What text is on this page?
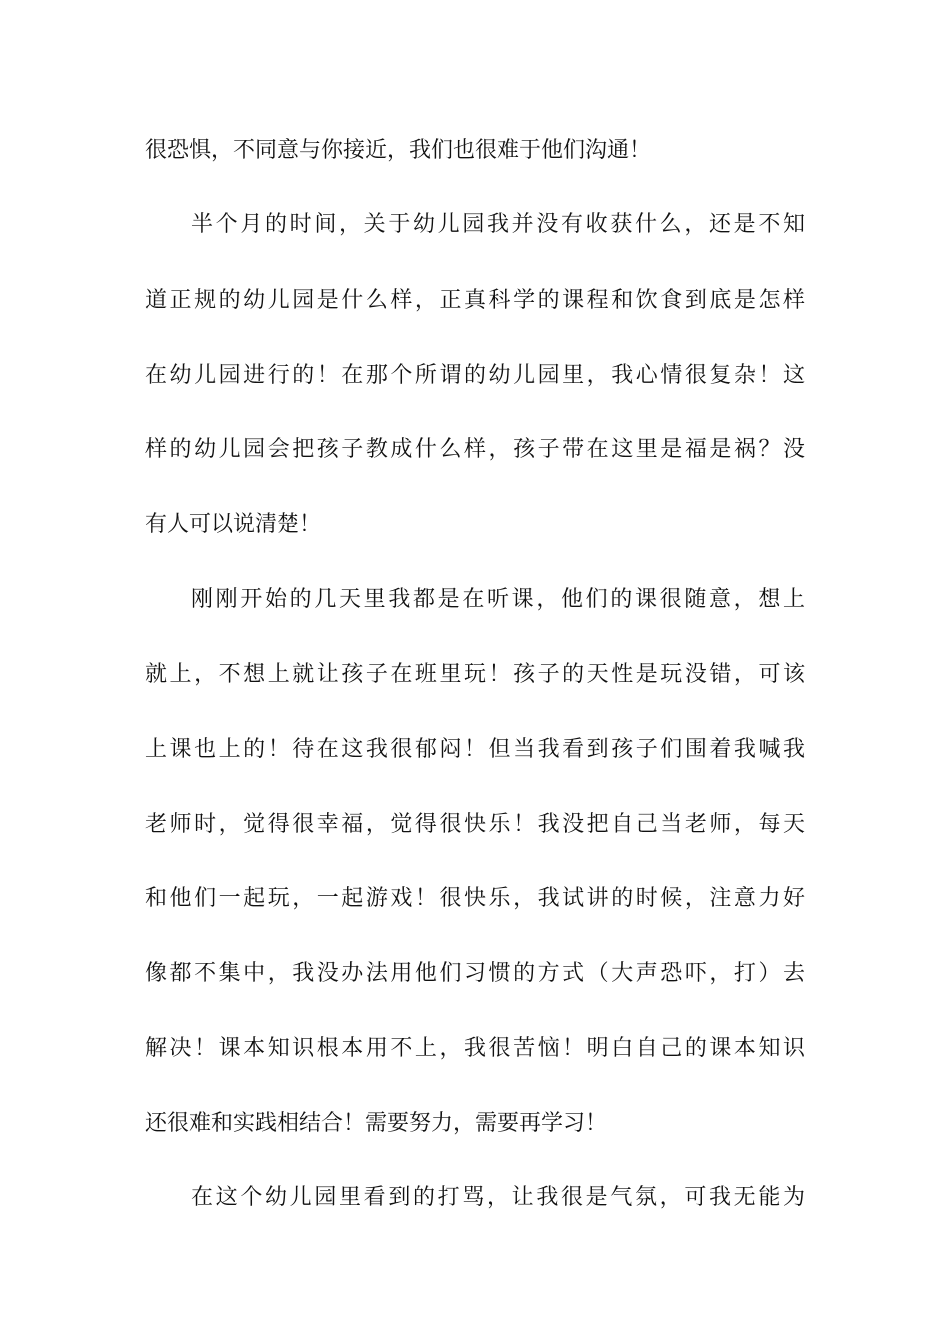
很恐惧，不同意与你接近，我们也很难于他们沟通！
半个月的时间，关于幼儿园我并没有收获什么，还是不知
道正规的幼儿园是什么样，正真科学的课程和饮食到底是怎样
在幼儿园进行的！在那个所谓的幼儿园里，我心情很复杂！这
样的幼儿园会把孩子教成什么样，孩子带在这里是福是祸？没
有人可以说清楚！
刚刚开始的几天里我都是在听课，他们的课很随意，想上
就上，不想上就让孩子在班里玩！孩子的天性是玩没错，可该
上课也上的！待在这我很郁闷！但当我看到孩子们围着我喊我
老师时，觉得很幸福，觉得很快乐！我没把自己当老师，每天
和他们一起玩，一起游戏！很快乐，我试讲的时候，注意力好
像都不集中，我没办法用他们习惯的方式（大声恐吓，打）去
解决！课本知识根本用不上，我很苦恼！明白自己的课本知识
还很难和实践相结合！需要努力，需要再学习！
在这个幼儿园里看到的打骂，让我很是气氛，可我无能为
